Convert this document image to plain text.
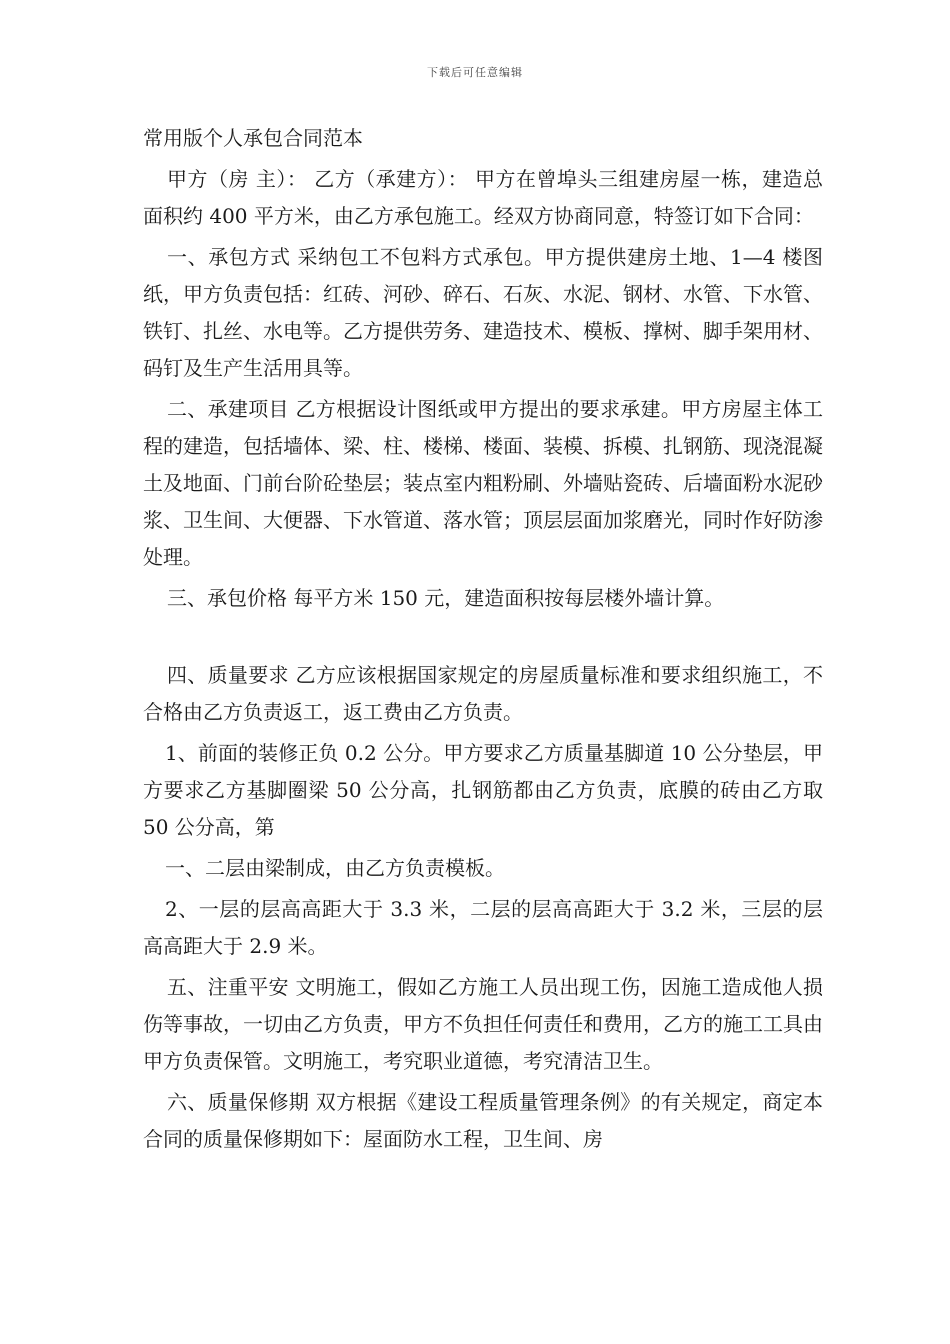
下载后可任意编辑
常用版个人承包合同范本

甲方（房 主）： 乙方（承建方）： 甲方在曾埠头三组建房屋一栋，建造总面积约 400 平方米，由乙方承包施工。经双方协商同意，特签订如下合同：

一、承包方式 采纳包工不包料方式承包。甲方提供建房土地、1—4 楼图纸，甲方负责包括：红砖、河砂、碎石、石灰、水泥、钢材、水管、下水管、铁钉、扎丝、水电等。乙方提供劳务、建造技术、模板、撑树、脚手架用材、码钉及生产生活用具等。

二、承建项目 乙方根据设计图纸或甲方提出的要求承建。甲方房屋主体工程的建造，包括墙体、梁、柱、楼梯、楼面、装模、拆模、扎钢筋、现浇混凝土及地面、门前台阶砼垫层；装点室内粗粉刷、外墙贴瓷砖、后墙面粉水泥砂浆、卫生间、大便器、下水管道、落水管；顶层层面加浆磨光，同时作好防渗处理。

三、承包价格 每平方米 150 元，建造面积按每层楼外墙计算。

四、质量要求 乙方应该根据国家规定的房屋质量标准和要求组织施工，不合格由乙方负责返工，返工费由乙方负责。

1、前面的装修正负 0.2 公分。甲方要求乙方质量基脚道 10 公分垫层，甲方要求乙方基脚圈梁 50 公分高，扎钢筋都由乙方负责，底膜的砖由乙方取 50 公分高，第

一、二层由梁制成，由乙方负责模板。

2、一层的层高高距大于 3.3 米，二层的层高高距大于 3.2 米，三层的层高高距大于 2.9 米。

五、注重平安 文明施工，假如乙方施工人员出现工伤，因施工造成他人损伤等事故，一切由乙方负责，甲方不负担任何责任和费用，乙方的施工工具由甲方负责保管。文明施工，考究职业道德，考究清洁卫生。

六、质量保修期 双方根据《建设工程质量管理条例》的有关规定，商定本合同的质量保修期如下：屋面防水工程，卫生间、房
